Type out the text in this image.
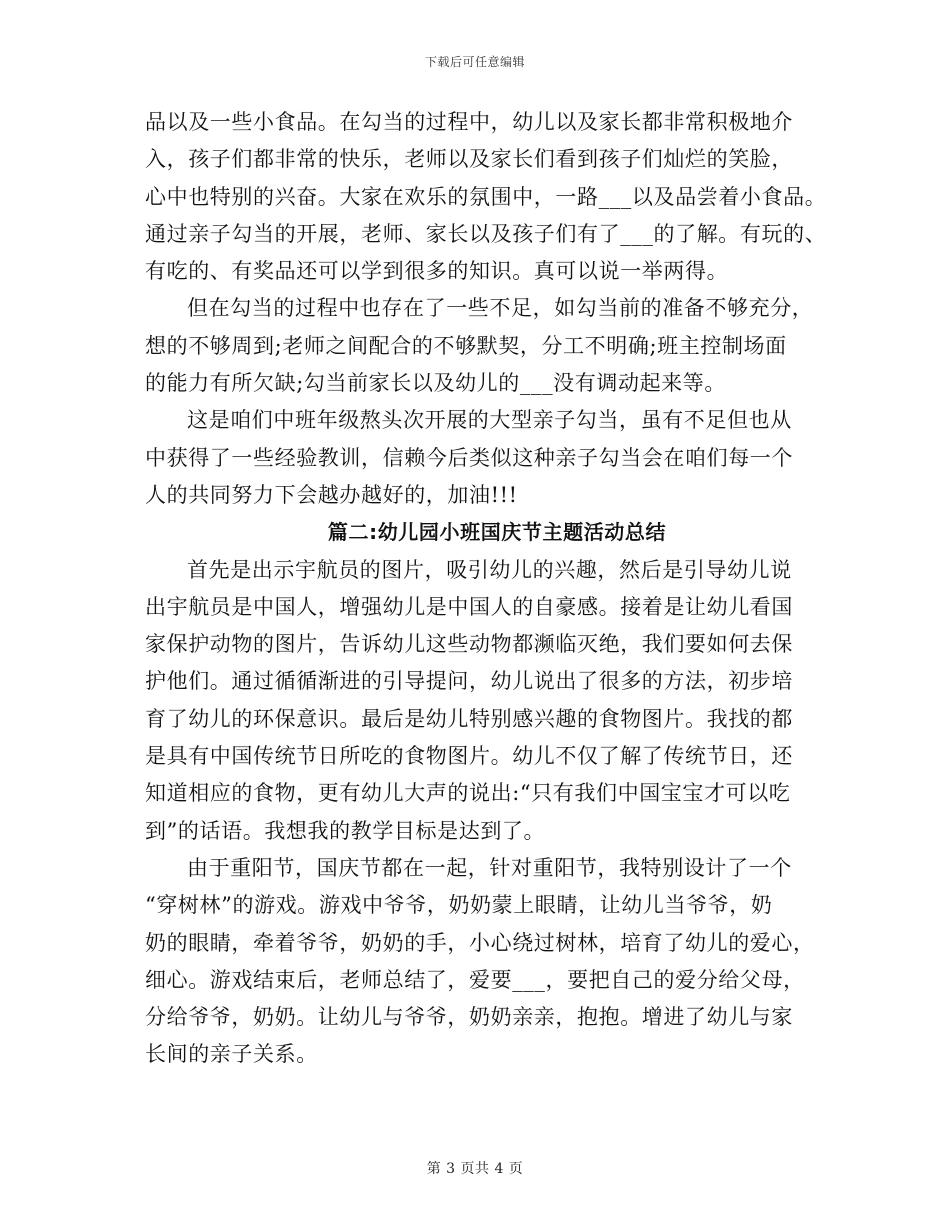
下载后可任意编辑
品以及一些小食品。在勾当的过程中，幼儿以及家长都非常积极地介
入，孩子们都非常的快乐，老师以及家长们看到孩子们灿烂的笑脸，
心中也特别的兴奋。大家在欢乐的氛围中，一路___以及品尝着小食品。
通过亲子勾当的开展，老师、家长以及孩子们有了___的了解。有玩的、
有吃的、有奖品还可以学到很多的知识。真可以说一举两得。
但在勾当的过程中也存在了一些不足，如勾当前的准备不够充分，
想的不够周到;老师之间配合的不够默契，分工不明确;班主控制场面
的能力有所欠缺;勾当前家长以及幼儿的___没有调动起来等。
这是咱们中班年级熬头次开展的大型亲子勾当，虽有不足但也从
中获得了一些经验教训，信赖今后类似这种亲子勾当会在咱们每一个
人的共同努力下会越办越好的，加油!!!
篇二:幼儿园小班国庆节主题活动总结
首先是出示宇航员的图片，吸引幼儿的兴趣，然后是引导幼儿说
出宇航员是中国人，增强幼儿是中国人的自豪感。接着是让幼儿看国
家保护动物的图片，告诉幼儿这些动物都濒临灭绝，我们要如何去保
护他们。通过循循渐进的引导提问，幼儿说出了很多的方法，初步培
育了幼儿的环保意识。最后是幼儿特别感兴趣的食物图片。我找的都
是具有中国传统节日所吃的食物图片。幼儿不仅了解了传统节日，还
知道相应的食物，更有幼儿大声的说出:“只有我们中国宝宝才可以吃
到”的话语。我想我的教学目标是达到了。
由于重阳节，国庆节都在一起，针对重阳节，我特别设计了一个
“穿树林”的游戏。游戏中爷爷，奶奶蒙上眼睛，让幼儿当爷爷，奶
奶的眼睛，牵着爷爷，奶奶的手，小心绕过树林，培育了幼儿的爱心，
细心。游戏结束后，老师总结了，爱要___，要把自己的爱分给父母，
分给爷爷，奶奶。让幼儿与爷爷，奶奶亲亲，抱抱。增进了幼儿与家
长间的亲子关系。
第 3 页共 4 页
